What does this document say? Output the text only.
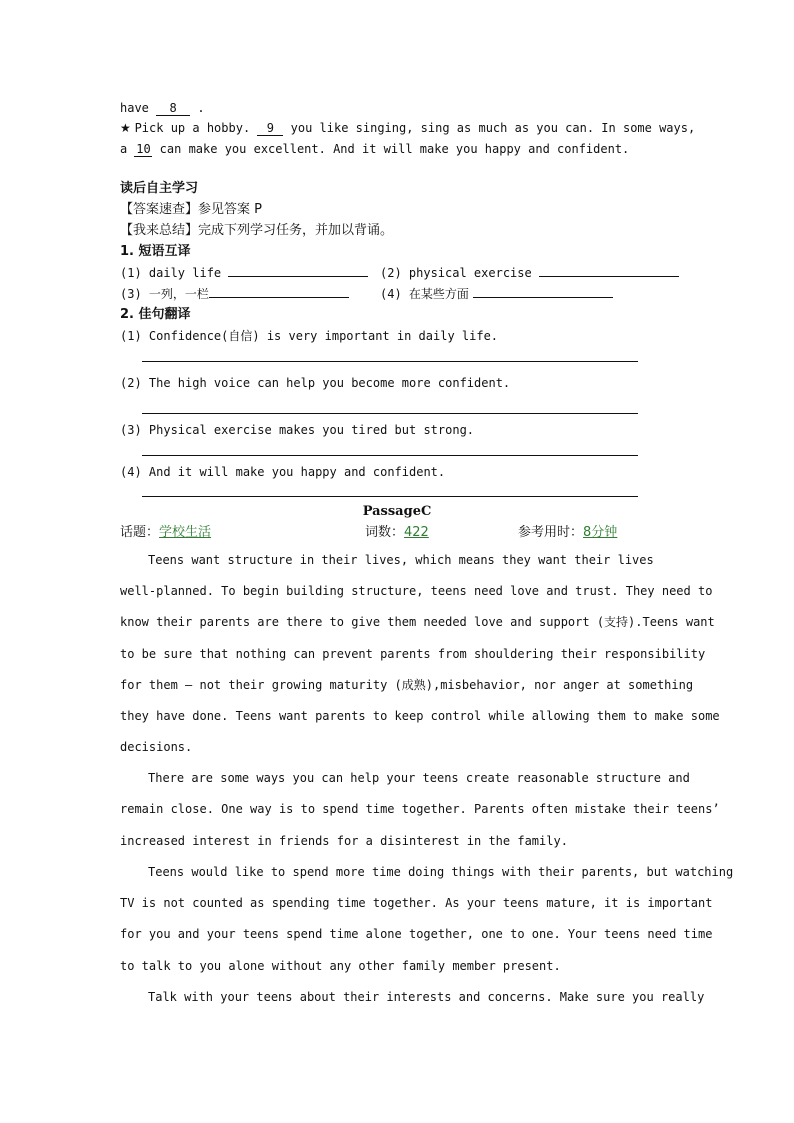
have 8 .
★ Pick up a hobby. 9 you like singing, sing as much as you can. In some ways,
a 10 can make you excellent. And it will make you happy and confident.
读后自主学习
【答案速查】参见答案 P
【我来总结】完成下列学习任务，并加以背诵。
1. 短语互译
(1) daily life	(2) physical exercise
(3) 一列，一栏	(4) 在某些方面
2. 佳句翻译
(1) Confidence(自信) is very important in daily life.
(2) The high voice can help you become more confident.
(3) Physical exercise makes you tired but strong.
(4) And it will make you happy and confident.
PassageC
话题：学校生活	词数：422	参考用时：8分钟
Teens want structure in their lives, which means they want their lives
well-planned. To begin building structure, teens need love and trust. They need to
know their parents are there to give them needed love and support (支持).Teens want
to be sure that nothing can prevent parents from shouldering their responsibility
for them — not their growing maturity (成熟),misbehavior, nor anger at something
they have done. Teens want parents to keep control while allowing them to make some
decisions.
There are some ways you can help your teens create reasonable structure and
remain close. One way is to spend time together. Parents often mistake their teens’
increased interest in friends for a disinterest in the family.
Teens would like to spend more time doing things with their parents, but watching
TV is not counted as spending time together. As your teens mature, it is important
for you and your teens spend time alone together, one to one. Your teens need time
to talk to you alone without any other family member present.
Talk with your teens about their interests and concerns. Make sure you really
